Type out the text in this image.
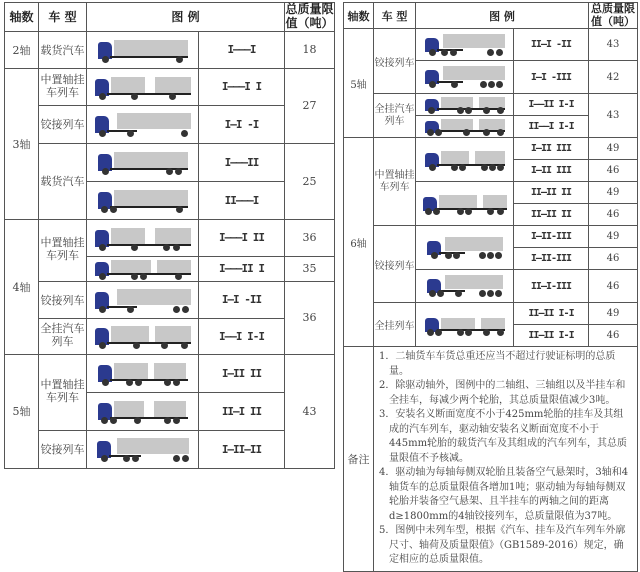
轴数	车 型	图 例		总质量限值（吨）
2轴	载货汽车		I———I	18
3轴	中置轴挂车列车		I———I I	27
	铰接列车		I—I -I	
	载货汽车		I———II	25

			II———I	
4轴	中置轴挂车列车		I———I II	36

			I———II I	35
	铰接列车		I—I -II	36
	全挂汽车列车		I——I I-I	
5轴	中置轴挂车列车		I—II II	43

			II—I II	
	铰接列车		I—II—II	
轴数	车 型	图 例		总质量限值（吨）
5轴	铰接列车		II—I -II	43

			I—I -III	42
	全挂汽车列车		I——II I-I	43

			II——I I-I	
6轴	中置轴挂车列车		I—II III	49
			I—II III	46

			II—II II	49
			II—II II	46
	铰接列车		I—II-III	49
			I—II-III	46

			II—I-III	46
	全挂列车		II—II I-I	49
			II—II I-I	46
备注	1．二轴货车车货总重还应当不超过行驶证标明的总质量。
2．除驱动轴外，图例中的二轴组、三轴组以及半挂车和全挂车，每减少两个轮胎，其总质量限值减少3吨。
3．安装名义断面宽度不小于425mm轮胎的挂车及其组成的汽车列车，驱动轴安装名义断面宽度不小于445mm轮胎的载货汽车及其组成的汽车列车，其总质量限值不予核减。
4．驱动轴为每轴每侧双轮胎且装备空气悬架时，3轴和4轴货车的总质量限值各增加1吨；驱动轴为每轴每侧双轮胎并装备空气悬架、且半挂车的两轴之间的距离d≥1800mm的4轴铰接列车，总质量限值为37吨。
5．图例中未列车型，根据《汽车、挂车及汽车列车外廓尺寸、轴荷及质量限值》（GB1589-2016）规定，确定相应的总质量限值。			
